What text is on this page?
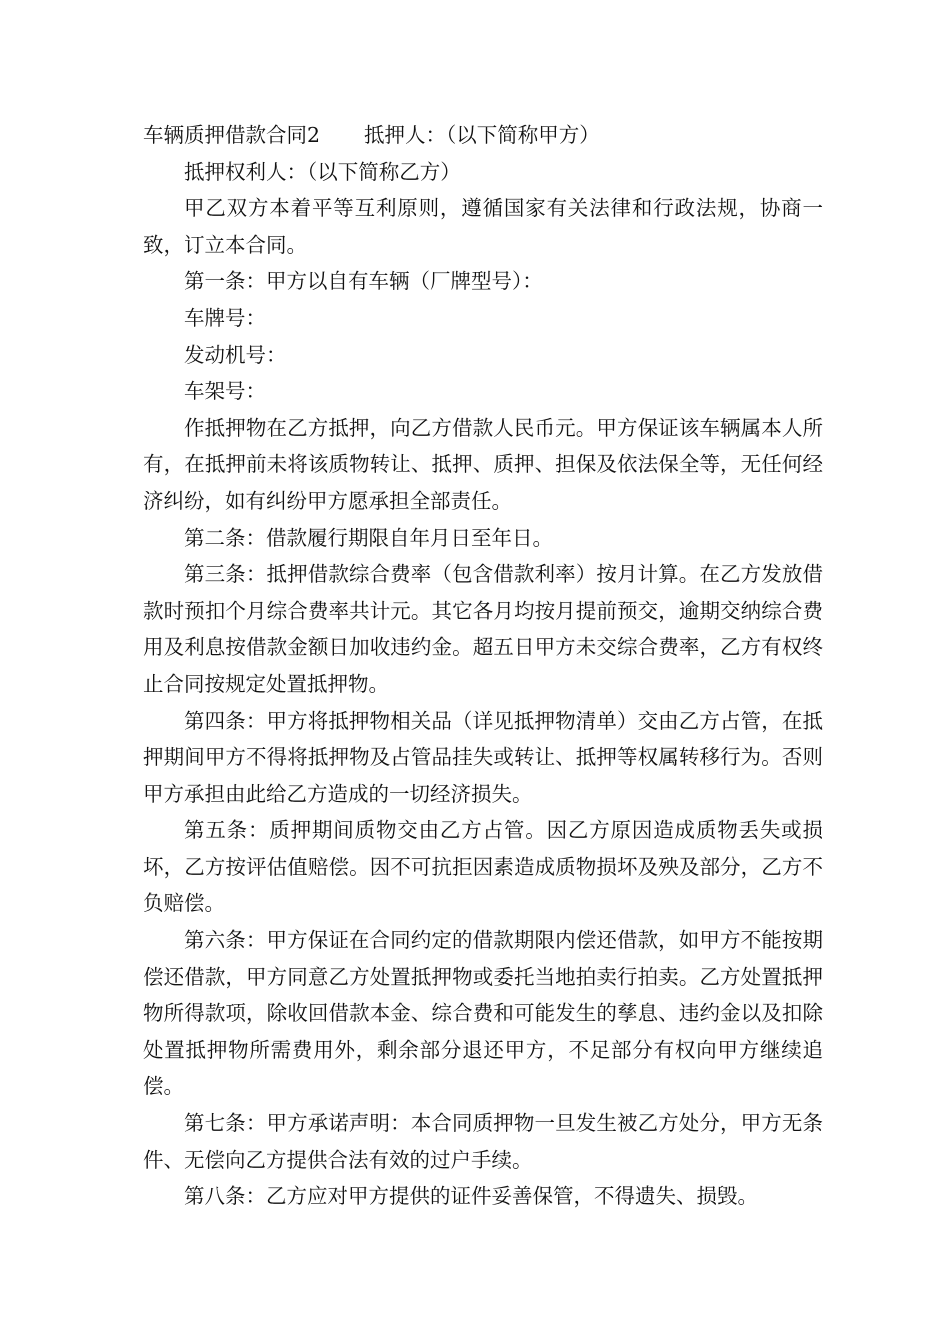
车辆质押借款合同2 抵押人：（以下简称甲方）

抵押权利人：（以下简称乙方）

甲乙双方本着平等互利原则，遵循国家有关法律和行政法规，协商一致，订立本合同。

第一条：甲方以自有车辆（厂牌型号）：

车牌号：

发动机号：

车架号：

作抵押物在乙方抵押，向乙方借款人民币元。甲方保证该车辆属本人所有，在抵押前未将该质物转让、抵押、质押、担保及依法保全等，无任何经济纠纷，如有纠纷甲方愿承担全部责任。

第二条：借款履行期限自年月日至年日。

第三条：抵押借款综合费率（包含借款利率）按月计算。在乙方发放借款时预扣个月综合费率共计元。其它各月均按月提前预交，逾期交纳综合费用及利息按借款金额日加收违约金。超五日甲方未交综合费率，乙方有权终止合同按规定处置抵押物。

第四条：甲方将抵押物相关品（详见抵押物清单）交由乙方占管，在抵押期间甲方不得将抵押物及占管品挂失或转让、抵押等权属转移行为。否则甲方承担由此给乙方造成的一切经济损失。

第五条：质押期间质物交由乙方占管。因乙方原因造成质物丢失或损坏，乙方按评估值赔偿。因不可抗拒因素造成质物损坏及殃及部分，乙方不负赔偿。

第六条：甲方保证在合同约定的借款期限内偿还借款，如甲方不能按期偿还借款，甲方同意乙方处置抵押物或委托当地拍卖行拍卖。乙方处置抵押物所得款项，除收回借款本金、综合费和可能发生的孳息、违约金以及扣除处置抵押物所需费用外，剩余部分退还甲方，不足部分有权向甲方继续追偿。

第七条：甲方承诺声明：本合同质押物一旦发生被乙方处分，甲方无条件、无偿向乙方提供合法有效的过户手续。

第八条：乙方应对甲方提供的证件妥善保管，不得遗失、损毁。
